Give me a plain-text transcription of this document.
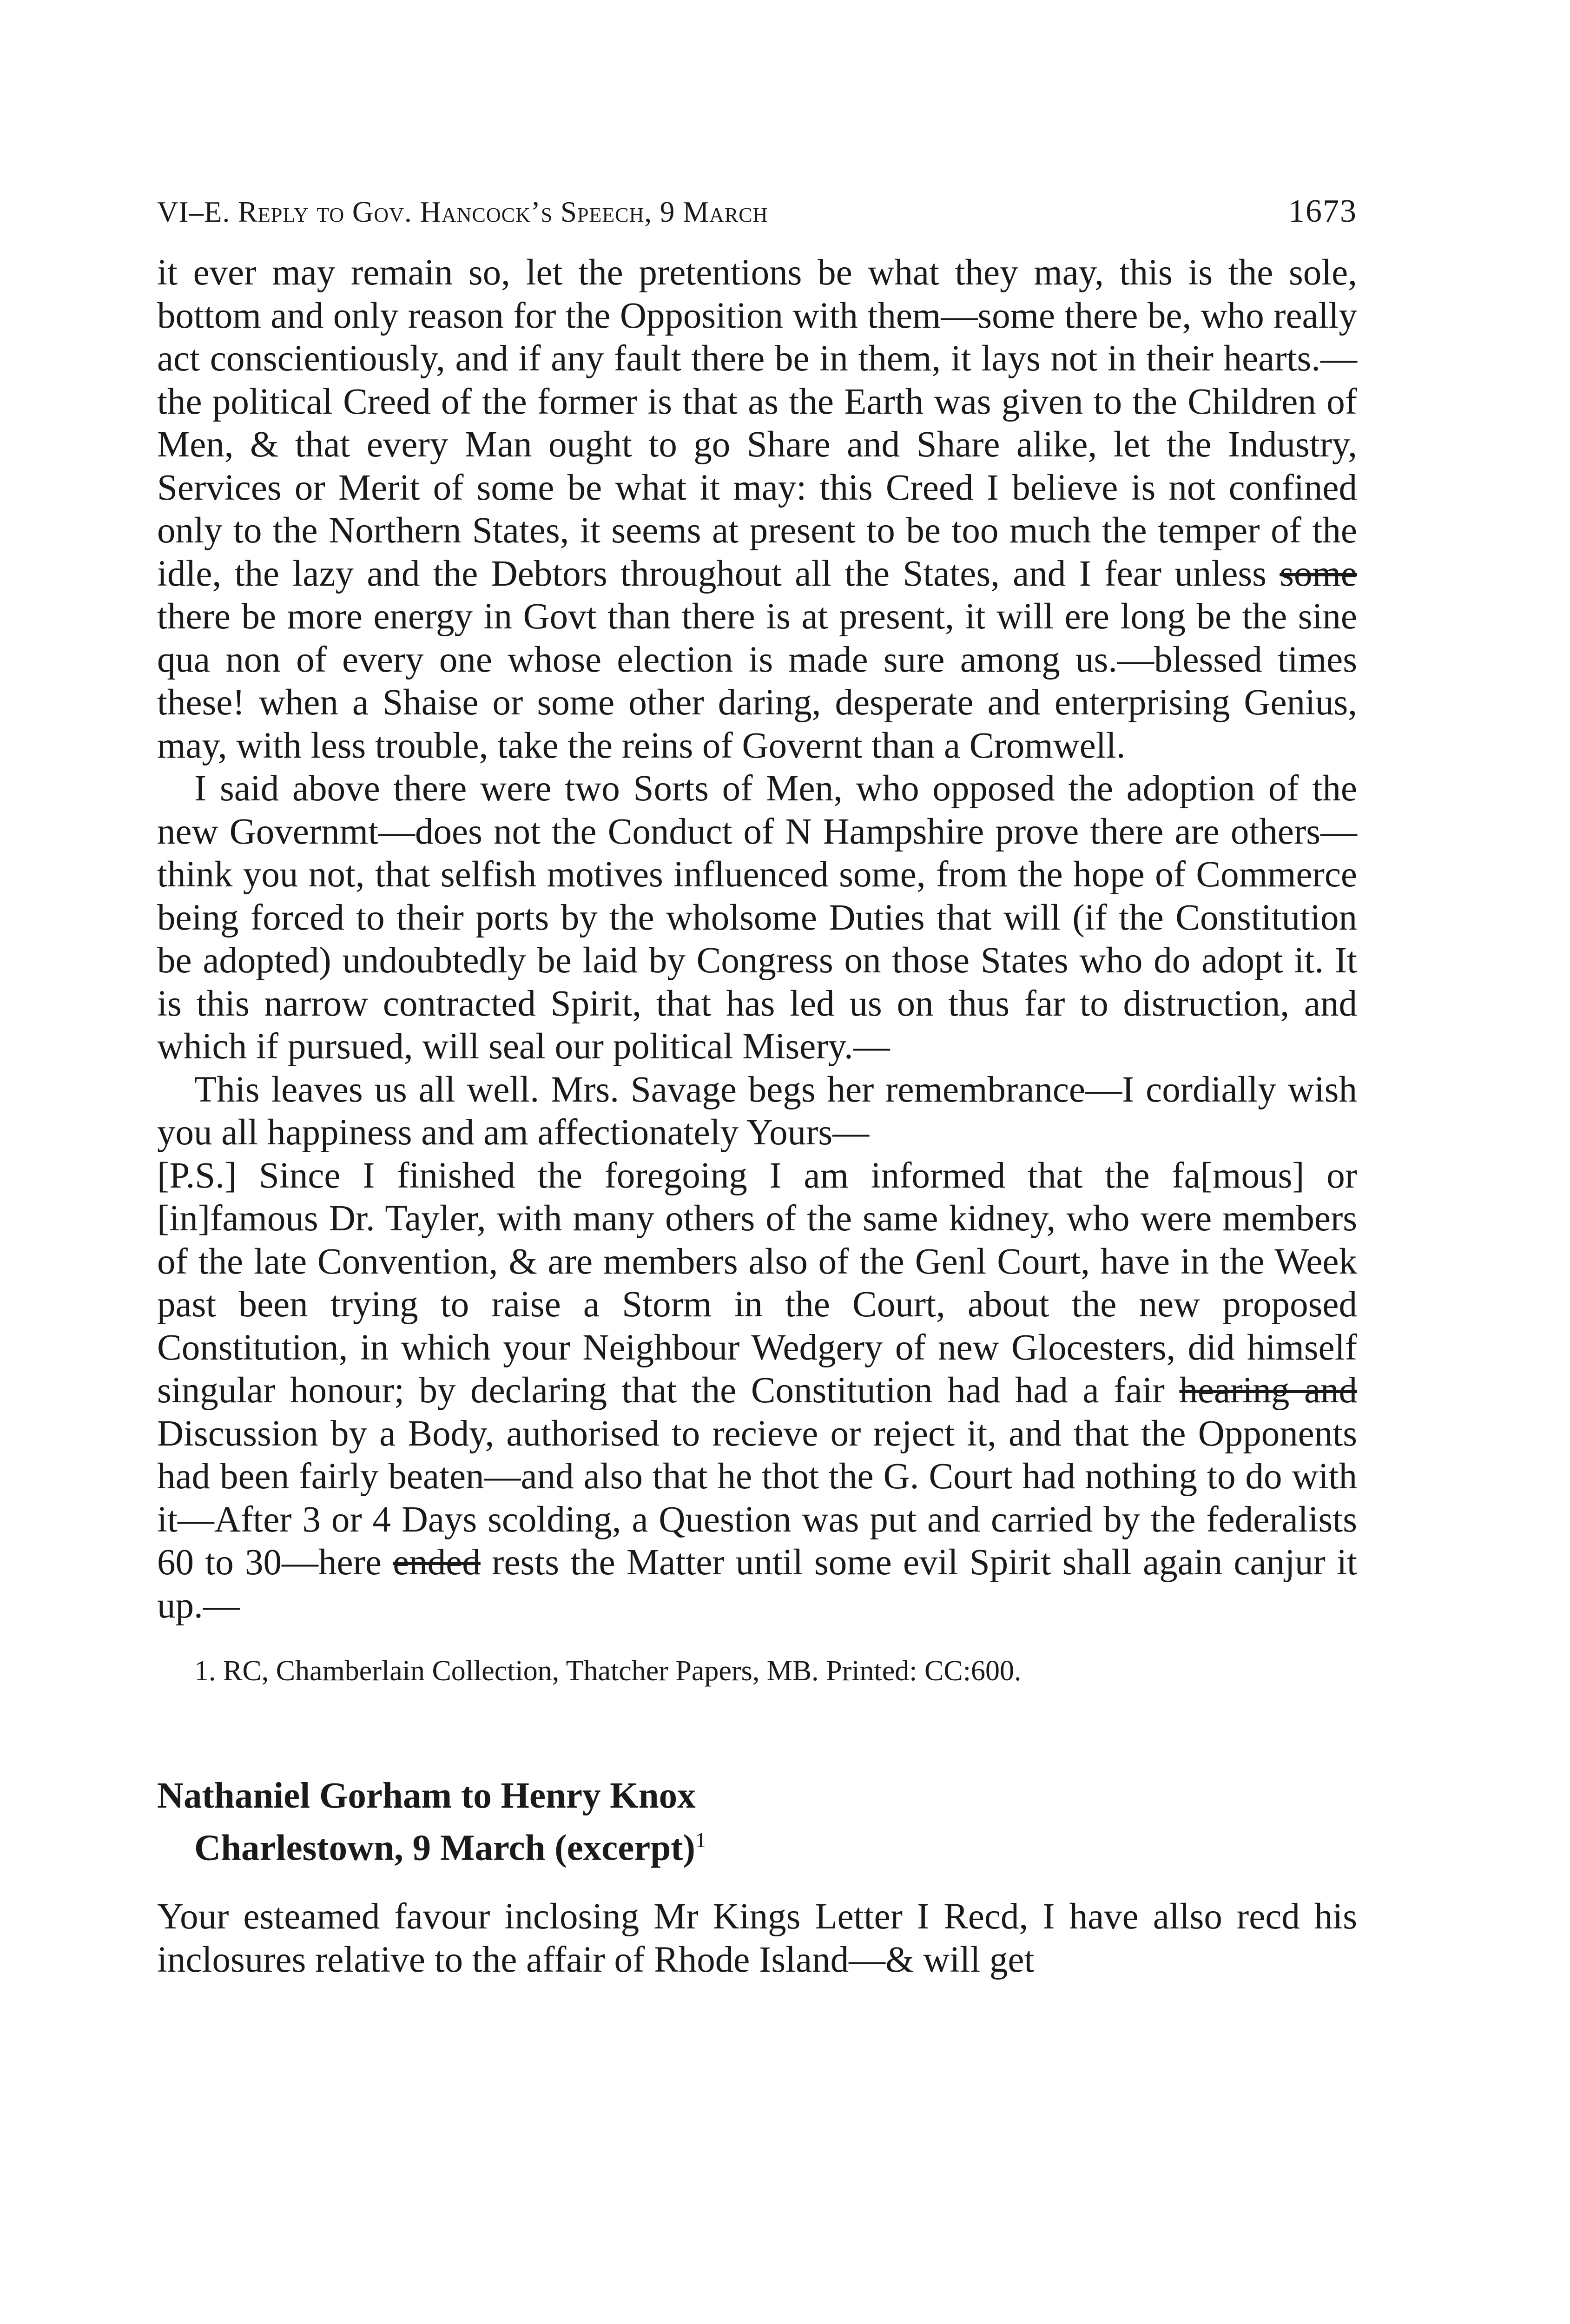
VI–E. Reply to Gov. Hancock’s Speech, 9 March	1673

it ever may remain so, let the pretentions be what they may, this is the sole, bottom and only reason for the Opposition with them—some there be, who really act conscientiously, and if any fault there be in them, it lays not in their hearts.—the political Creed of the former is that as the Earth was given to the Children of Men, & that every Man ought to go Share and Share alike, let the Industry, Services or Merit of some be what it may: this Creed I believe is not confined only to the Northern States, it seems at present to be too much the temper of the idle, the lazy and the Debtors throughout all the States, and I fear unless some there be more energy in Govt than there is at present, it will ere long be the sine qua non of every one whose election is made sure among us.—blessed times these! when a Shaise or some other daring, desperate and enterprising Genius, may, with less trouble, take the reins of Governt than a Cromwell.

I said above there were two Sorts of Men, who opposed the adoption of the new Governmt—does not the Conduct of N Hampshire prove there are others—think you not, that selfish motives influenced some, from the hope of Commerce being forced to their ports by the wholsome Duties that will (if the Constitution be adopted) undoubtedly be laid by Congress on those States who do adopt it. It is this narrow contracted Spirit, that has led us on thus far to distruction, and which if pursued, will seal our political Misery.—

This leaves us all well. Mrs. Savage begs her remembrance—I cordially wish you all happiness and am affectionately Yours—

[P.S.] Since I finished the foregoing I am informed that the fa[mous] or [in]famous Dr. Tayler, with many others of the same kidney, who were members of the late Convention, & are members also of the Genl Court, have in the Week past been trying to raise a Storm in the Court, about the new proposed Constitution, in which your Neighbour Wedgery of new Glocesters, did himself singular honour; by declaring that the Constitution had had a fair hearing and Discussion by a Body, authorised to recieve or reject it, and that the Opponents had been fairly beaten—and also that he thot the G. Court had nothing to do with it—After 3 or 4 Days scolding, a Question was put and carried by the federalists 60 to 30—here ended rests the Matter until some evil Spirit shall again canjur it up.—

1. RC, Chamberlain Collection, Thatcher Papers, MB. Printed: CC:600.

Nathaniel Gorham to Henry Knox
Charlestown, 9 March (excerpt)$^1$

Your esteamed favour inclosing Mr Kings Letter I Recd, I have allso recd his inclosures relative to the affair of Rhode Island—& will get
